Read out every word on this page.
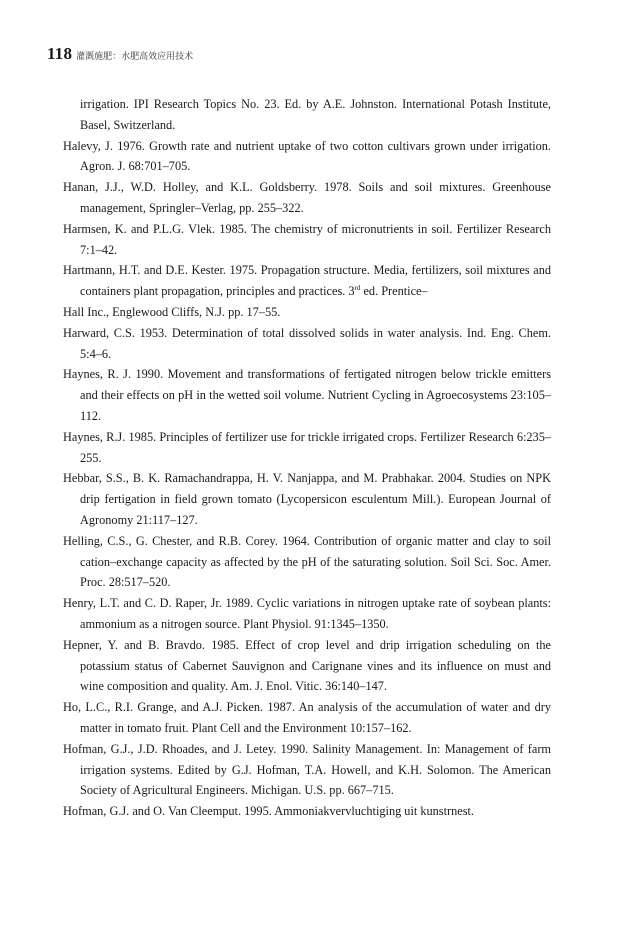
118 灌溉施肥：水肥高效应用技术

irrigation. IPI Research Topics No. 23. Ed. by A.E. Johnston. International Potash Institute, Basel, Switzerland.

Halevy, J. 1976. Growth rate and nutrient uptake of two cotton cultivars grown under irrigation. Agron. J. 68:701–705.

Hanan, J.J., W.D. Holley, and K.L. Goldsberry. 1978. Soils and soil mixtures. Greenhouse management, Springler–Verlag, pp. 255–322.

Harmsen, K. and P.L.G. Vlek. 1985. The chemistry of micronutrients in soil. Fertilizer Research 7:1–42.

Hartmann, H.T. and D.E. Kester. 1975. Propagation structure. Media, fertilizers, soil mixtures and containers plant propagation, principles and practices. 3rd ed. Prentice–

Hall Inc., Englewood Cliffs, N.J. pp. 17–55.

Harward, C.S. 1953. Determination of total dissolved solids in water analysis. Ind. Eng. Chem. 5:4–6.

Haynes, R. J. 1990. Movement and transformations of fertigated nitrogen below trickle emitters and their effects on pH in the wetted soil volume. Nutrient Cycling in Agroecosystems 23:105–112.

Haynes, R.J. 1985. Principles of fertilizer use for trickle irrigated crops. Fertilizer Research 6:235–255.

Hebbar, S.S., B. K. Ramachandrappa, H. V. Nanjappa, and M. Prabhakar. 2004. Studies on NPK drip fertigation in field grown tomato (Lycopersicon esculentum Mill.). European Journal of Agronomy 21:117–127.

Helling, C.S., G. Chester, and R.B. Corey. 1964. Contribution of organic matter and clay to soil cation–exchange capacity as affected by the pH of the saturating solution. Soil Sci. Soc. Amer. Proc. 28:517–520.

Henry, L.T. and C. D. Raper, Jr. 1989. Cyclic variations in nitrogen uptake rate of soybean plants: ammonium as a nitrogen source. Plant Physiol. 91:1345–1350.

Hepner, Y. and B. Bravdo. 1985. Effect of crop level and drip irrigation scheduling on the potassium status of Cabernet Sauvignon and Carignane vines and its influence on must and wine composition and quality. Am. J. Enol. Vitic. 36:140–147.

Ho, L.C., R.I. Grange, and A.J. Picken. 1987. An analysis of the accumulation of water and dry matter in tomato fruit. Plant Cell and the Environment 10:157–162.

Hofman, G.J., J.D. Rhoades, and J. Letey. 1990. Salinity Management. In: Management of farm irrigation systems. Edited by G.J. Hofman, T.A. Howell, and K.H. Solomon. The American Society of Agricultural Engineers. Michigan. U.S. pp. 667–715.

Hofman, G.J. and O. Van Cleemput. 1995. Ammoniakvervluchtiging uit kunstrnest.
